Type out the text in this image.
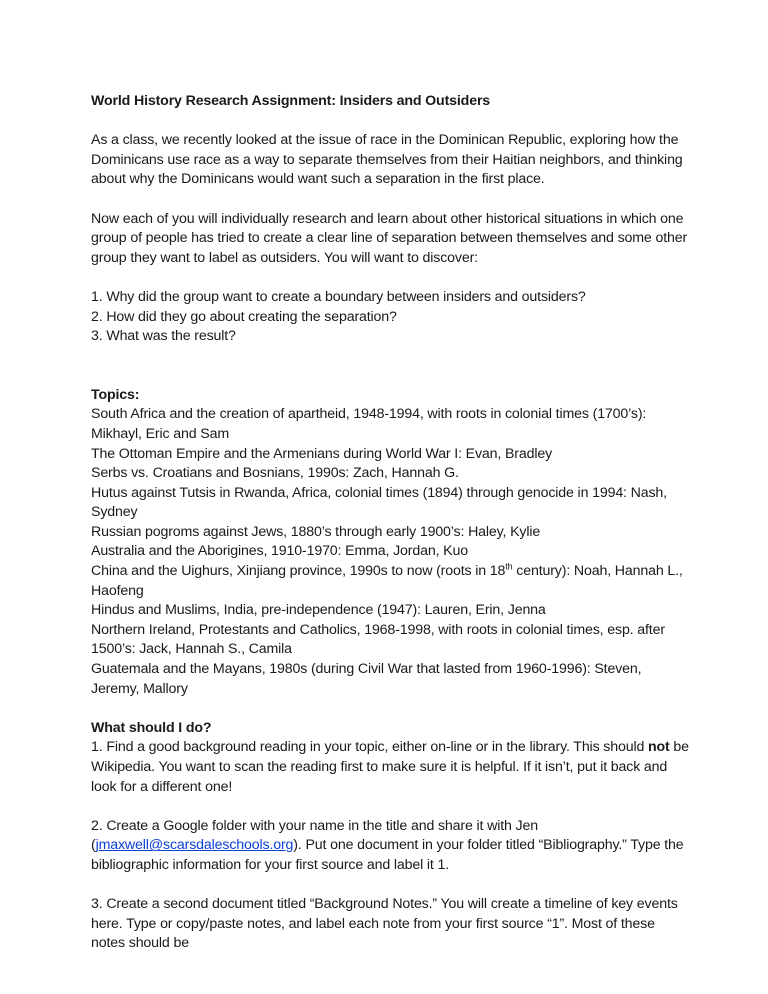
World History Research Assignment: Insiders and Outsiders

As a class, we recently looked at the issue of race in the Dominican Republic, exploring how the Dominicans use race as a way to separate themselves from their Haitian neighbors, and thinking about why the Dominicans would want such a separation in the first place.

Now each of you will individually research and learn about other historical situations in which one group of people has tried to create a clear line of separation between themselves and some other group they want to label as outsiders. You will want to discover:

1. Why did the group want to create a boundary between insiders and outsiders?

2. How did they go about creating the separation?

3. What was the result?

Topics:

South Africa and the creation of apartheid, 1948-1994, with roots in colonial times (1700’s): Mikhayl, Eric and Sam

The Ottoman Empire and the Armenians during World War I: Evan, Bradley

Serbs vs. Croatians and Bosnians, 1990s: Zach, Hannah G.

Hutus against Tutsis in Rwanda, Africa, colonial times (1894) through genocide in 1994: Nash, Sydney

Russian pogroms against Jews, 1880’s through early 1900’s: Haley, Kylie

Australia and the Aborigines, 1910-1970: Emma, Jordan, Kuo

China and the Uighurs, Xinjiang province, 1990s to now (roots in 18th century): Noah, Hannah L., Haofeng

Hindus and Muslims, India, pre-independence (1947): Lauren, Erin, Jenna

Northern Ireland, Protestants and Catholics, 1968-1998, with roots in colonial times, esp. after 1500’s: Jack, Hannah S., Camila

Guatemala and the Mayans, 1980s (during Civil War that lasted from 1960-1996): Steven, Jeremy, Mallory

What should I do?

1. Find a good background reading in your topic, either on-line or in the library. This should not be Wikipedia. You want to scan the reading first to make sure it is helpful. If it isn’t, put it back and look for a different one!

2. Create a Google folder with your name in the title and share it with Jen (jmaxwell@scarsdaleschools.org). Put one document in your folder titled “Bibliography.” Type the bibliographic information for your first source and label it 1.

3. Create a second document titled “Background Notes.” You will create a timeline of key events here. Type or copy/paste notes, and label each note from your first source “1”. Most of these notes should be
